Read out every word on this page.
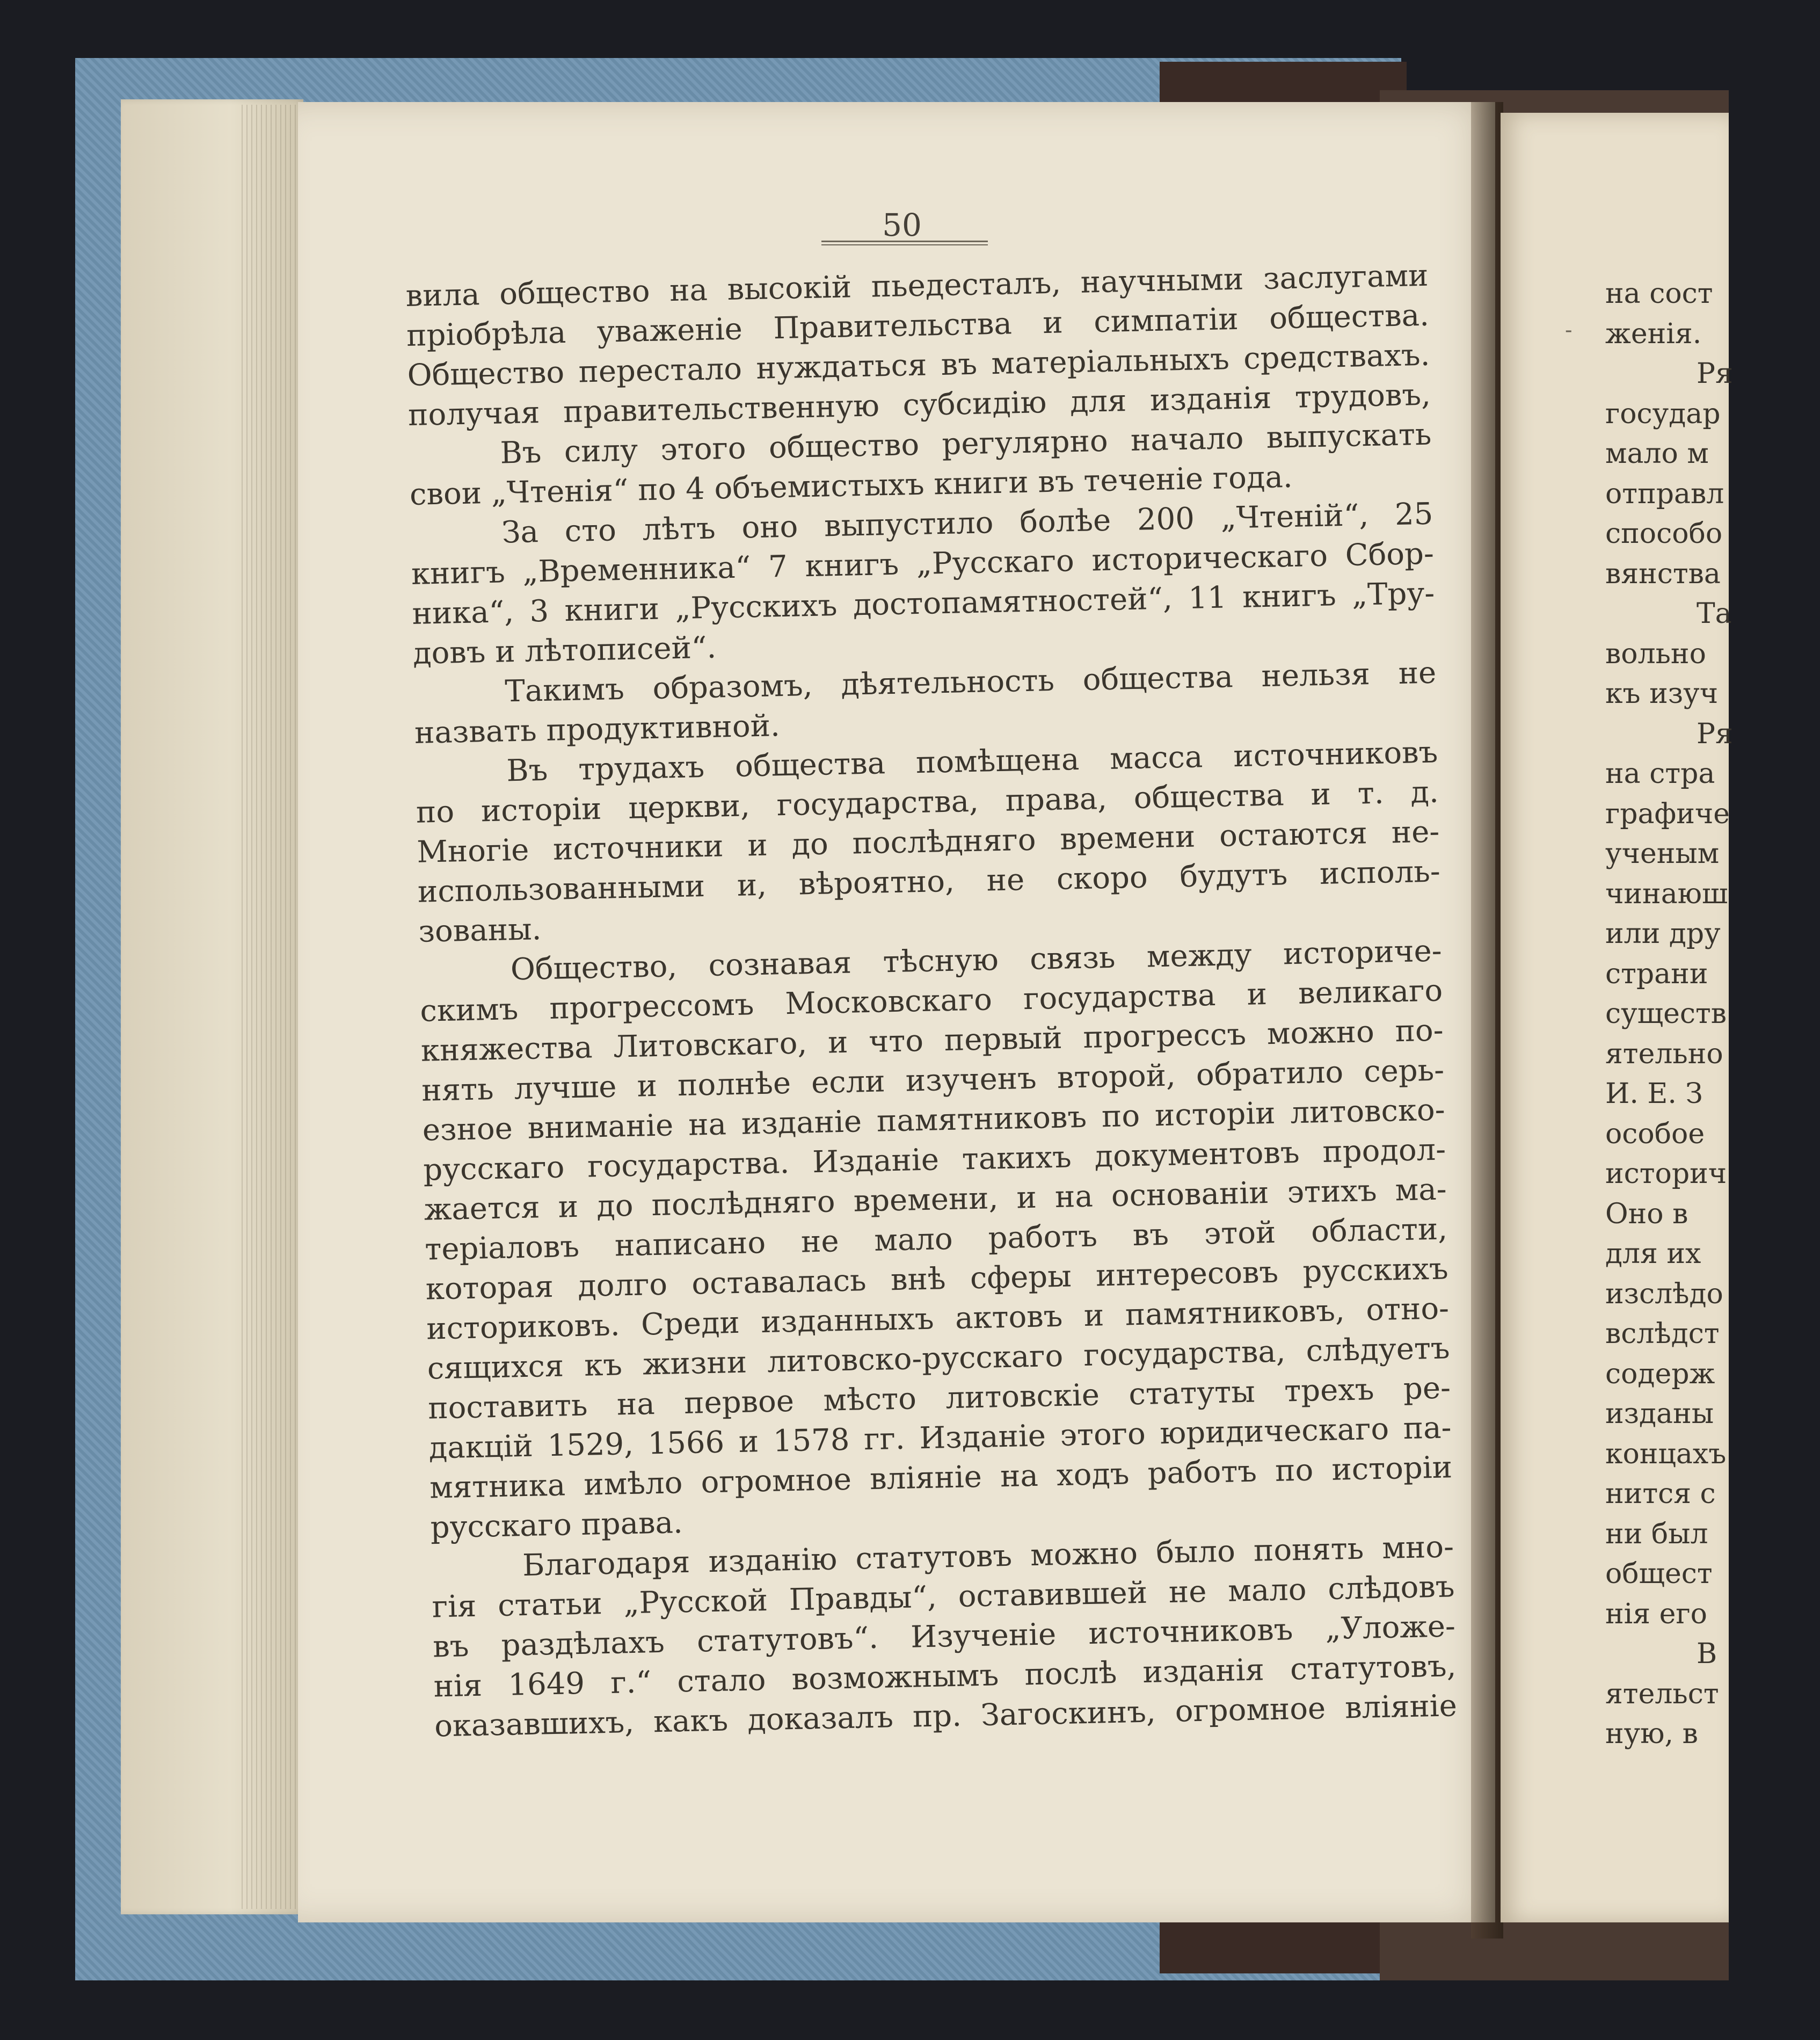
50
вила общество на высокій пьедесталъ, научными заслугами
пріобрѣла уваженіе Правительства и симпатіи общества.
Общество перестало нуждаться въ матеріальныхъ средствахъ.
получая правительственную субсидію для изданія трудовъ,
Въ силу этого общество регулярно начало выпускать
свои „Чтенія“ по 4 объемистыхъ книги въ теченіе года.
За сто лѣтъ оно выпустило болѣе 200 „Чтеній“, 25
книгъ „Временника“ 7 книгъ „Русскаго историческаго Сбор-
ника“, 3 книги „Русскихъ достопамятностей“, 11 книгъ „Тру-
довъ и лѣтописей“.
Такимъ образомъ, дѣятельность общества нельзя не
назвать продуктивной.
Въ трудахъ общества помѣщена масса источниковъ
по исторіи церкви, государства, права, общества и т. д.
Многіе источники и до послѣдняго времени остаются не-
использованными и, вѣроятно, не скоро будутъ исполь-
зованы.
Общество, сознавая тѣсную связь между историче-
скимъ прогрессомъ Московскаго государства и великаго
княжества Литовскаго, и что первый прогрессъ можно по-
нять лучше и полнѣе если изученъ второй, обратило серь-
езное вниманіе на изданіе памятниковъ по исторіи литовско-
русскаго государства. Изданіе такихъ документовъ продол-
жается и до послѣдняго времени, и на основаніи этихъ ма-
теріаловъ написано не мало работъ въ этой области,
которая долго оставалась внѣ сферы интересовъ русскихъ
историковъ. Среди изданныхъ актовъ и памятниковъ, отно-
сящихся къ жизни литовско-русскаго государства, слѣдуетъ
поставить на первое мѣсто литовскіе статуты трехъ ре-
дакцій 1529, 1566 и 1578 гг. Изданіе этого юридическаго па-
мятника имѣло огромное вліяніе на ходъ работъ по исторіи
русскаго права.
Благодаря изданію статутовъ можно было понять мно-
гія статьи „Русской Правды“, оставившей не мало слѣдовъ
въ раздѣлахъ статутовъ“. Изученіе источниковъ „Уложе-
нія 1649 г.“ стало возможнымъ послѣ изданія статутовъ,
оказавшихъ, какъ доказалъ пр. Загоскинъ, огромное вліяніе
-
на сост
женія.
Ря
государ
мало м
отправл
способо
вянства
Та
вольно
къ изуч
Ря
на стра
графиче
ученым
чинаюш
или дру
страни
существ
ятельно
И. Е. З
особое
историч
Оно в
для их
изслѣдо
вслѣдст
содерж
изданы
концахъ
нится с
ни был
общест
нія его
В
ятельст
ную, в
